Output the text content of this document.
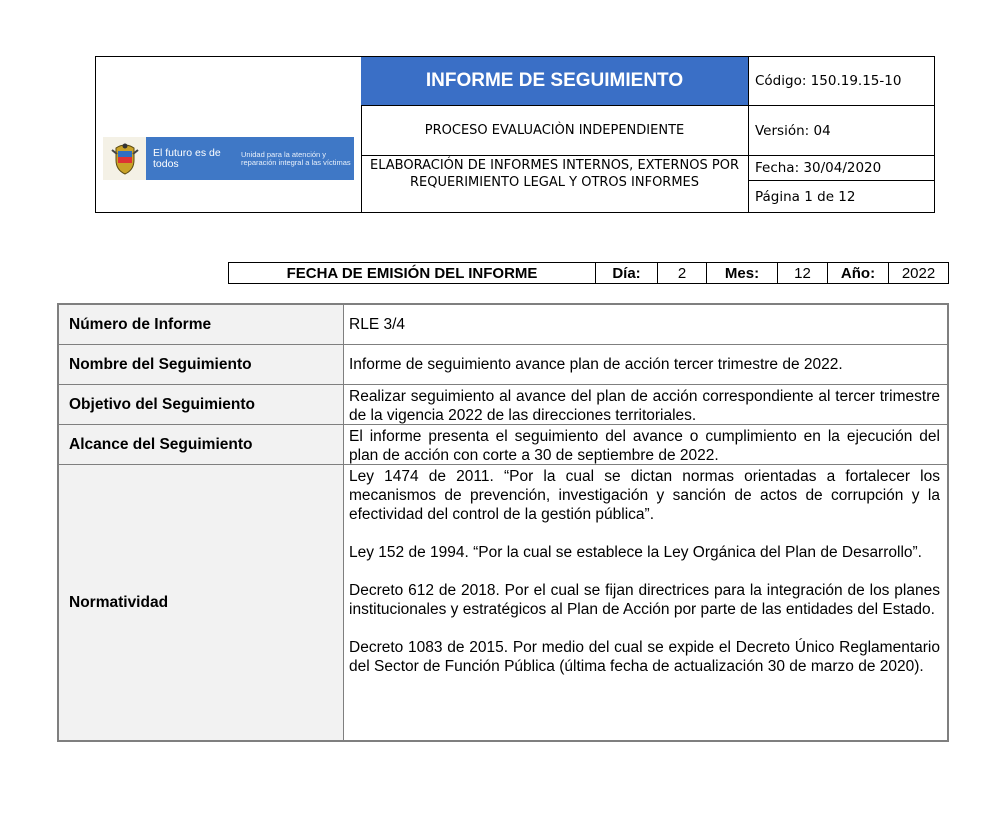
El futuro es de todos
Unidad para la atención y reparación integral a las víctimas
INFORME DE SEGUIMIENTO
PROCESO EVALUACIÒN INDEPENDIENTE
ELABORACIÓN DE INFORMES INTERNOS, EXTERNOS POR REQUERIMIENTO LEGAL Y OTROS INFORMES
Código: 150.19.15-10
Versión: 04
Fecha: 30/04/2020
Página 1 de 12
FECHA DE EMISIÓN DEL INFORME	Día:	2	Mes:	12	Año:	2022
Número de Informe	RLE 3/4
Nombre del Seguimiento	Informe de seguimiento avance plan de acción tercer trimestre de 2022.
Objetivo del Seguimiento	Realizar seguimiento al avance del plan de acción correspondiente al tercer trimestre de la vigencia 2022 de las direcciones territoriales.
Alcance del Seguimiento	El informe presenta el seguimiento del avance o cumplimiento en la ejecución del plan de acción con corte a 30 de septiembre de 2022.
Normatividad

Ley 1474 de 2011. “Por la cual se dictan normas orientadas a fortalecer los mecanismos de prevención, investigación y sanción de actos de corrupción y la efectividad del control de la gestión pública”.

Ley 152 de 1994. “Por la cual se establece la Ley Orgánica del Plan de Desarrollo”.

Decreto 612 de 2018. Por el cual se fijan directrices para la integración de los planes institucionales y estratégicos al Plan de Acción por parte de las entidades del Estado.

Decreto 1083 de 2015. Por medio del cual se expide el Decreto Único Reglamentario del Sector de Función Pública (última fecha de actualización 30 de marzo de 2020).
